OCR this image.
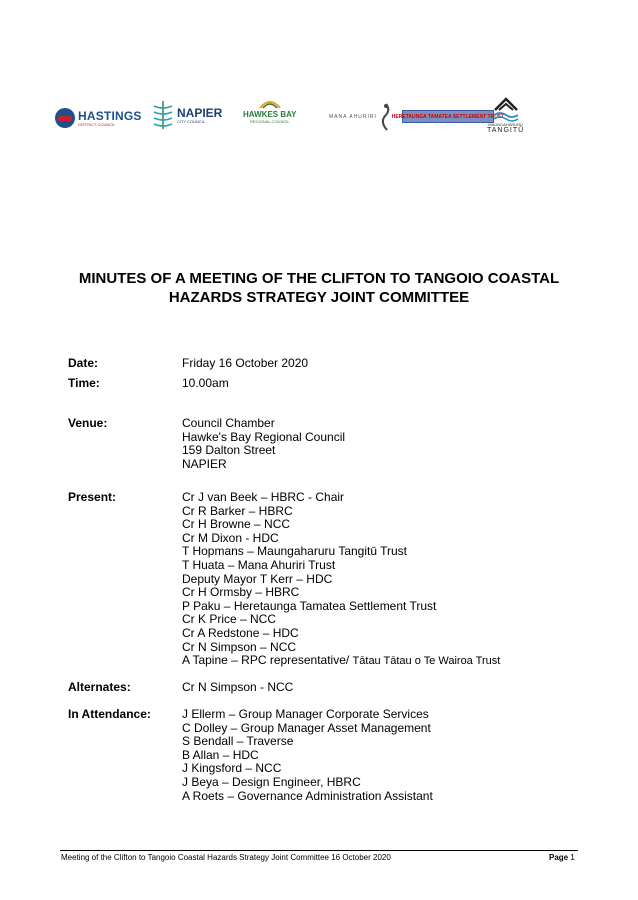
HASTINGS
DISTRICT COUNCIL
NAPIER
CITY COUNCIL
HAWKES BAY
REGIONAL COUNCIL
MANA AHURIRI	HERETAUNGA TAMATEA SETTLEMENT TRUST
MAUNGAHARURU
TANGITŪ
MINUTES OF A MEETING OF THE CLIFTON TO TANGOIO COASTAL
HAZARDS STRATEGY JOINT COMMITTEE
Date:	Friday 16 October 2020
Time:	10.00am
Venue:	Council Chamber
Hawke's Bay Regional Council
159 Dalton Street
NAPIER
Present:	Cr J van Beek – HBRC - Chair
Cr R Barker – HBRC
Cr H Browne – NCC
Cr M Dixon - HDC
T Hopmans – Maungaharuru Tangitū Trust
T Huata – Mana Ahuriri Trust
Deputy Mayor T Kerr – HDC
Cr H Ormsby – HBRC
P Paku – Heretaunga Tamatea Settlement Trust
Cr K Price – NCC
Cr A Redstone – HDC
Cr N Simpson – NCC
A Tapine – RPC representative/ Tātau Tātau o Te Wairoa Trust
Alternates:	Cr N Simpson - NCC
In Attendance:	J Ellerm – Group Manager Corporate Services
C Dolley – Group Manager Asset Management
S Bendall – Traverse
B Allan – HDC
J Kingsford – NCC
J Beya – Design Engineer, HBRC
A Roets – Governance Administration Assistant
Meeting of the Clifton to Tangoio Coastal Hazards Strategy Joint Committee 16 October 2020	Page 1
